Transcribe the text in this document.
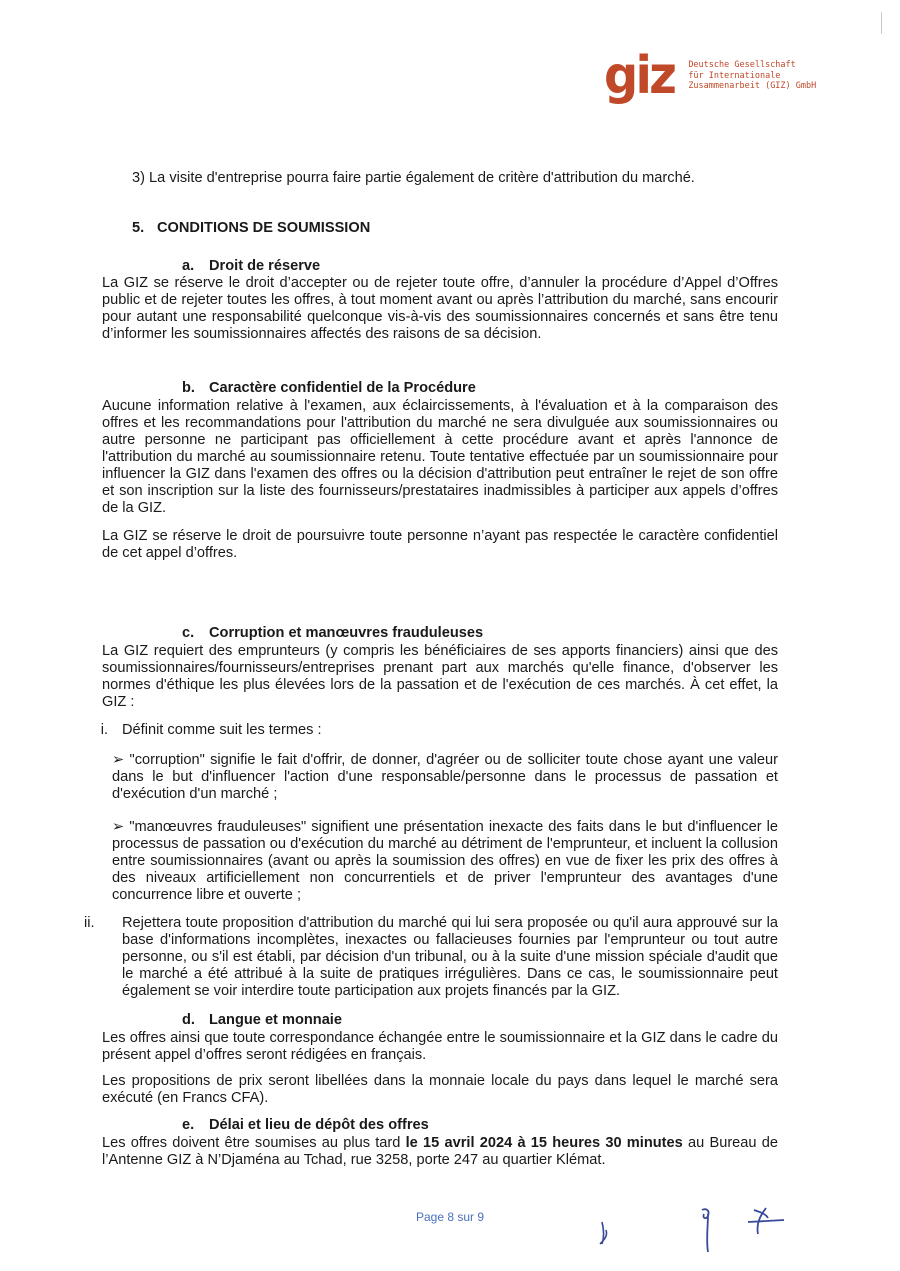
giz Deutsche Gesellschaft
für Internationale
Zusammenarbeit (GIZ) GmbH

3) La visite d'entreprise pourra faire partie également de critère d'attribution du marché.

5. CONDITIONS DE SOUMISSION

a. Droit de réserve

La GIZ se réserve le droit d’accepter ou de rejeter toute offre, d’annuler la procédure d’Appel d’Offres public et de rejeter toutes les offres, à tout moment avant ou après l’attribution du marché, sans encourir pour autant une responsabilité quelconque vis-à-vis des soumissionnaires concernés et sans être tenu d’informer les soumissionnaires affectés des raisons de sa décision.

b. Caractère confidentiel de la Procédure

Aucune information relative à l'examen, aux éclaircissements, à l'évaluation et à la comparaison des offres et les recommandations pour l'attribution du marché ne sera divulguée aux soumissionnaires ou autre personne ne participant pas officiellement à cette procédure avant et après l'annonce de l'attribution du marché au soumissionnaire retenu. Toute tentative effectuée par un soumissionnaire pour influencer la GIZ dans l'examen des offres ou la décision d'attribution peut entraîner le rejet de son offre et son inscription sur la liste des fournisseurs/prestataires inadmissibles à participer aux appels d’offres de la GIZ.

La GIZ se réserve le droit de poursuivre toute personne n’ayant pas respectée le caractère confidentiel de cet appel d’offres.

c. Corruption et manœuvres frauduleuses

La GIZ requiert des emprunteurs (y compris les bénéficiaires de ses apports financiers) ainsi que des soumissionnaires/fournisseurs/entreprises prenant part aux marchés qu'elle finance, d'observer les normes d'éthique les plus élevées lors de la passation et de l'exécution de ces marchés. À cet effet, la GIZ :

i. Définit comme suit les termes :

➢ "corruption" signifie le fait d'offrir, de donner, d'agréer ou de solliciter toute chose ayant une valeur dans le but d'influencer l'action d'une responsable/personne dans le processus de passation et d'exécution d'un marché ;

➢ "manœuvres frauduleuses" signifient une présentation inexacte des faits dans le but d'influencer le processus de passation ou d'exécution du marché au détriment de l'emprunteur, et incluent la collusion entre soumissionnaires (avant ou après la soumission des offres) en vue de fixer les prix des offres à des niveaux artificiellement non concurrentiels et de priver l'emprunteur des avantages d'une concurrence libre et ouverte ;

ii.	Rejettera toute proposition d'attribution du marché qui lui sera proposée ou qu'il aura approuvé sur la base d'informations incomplètes, inexactes ou fallacieuses fournies par l'emprunteur ou tout autre personne, ou s'il est établi, par décision d'un tribunal, ou à la suite d'une mission spéciale d'audit que le marché a été attribué à la suite de pratiques irrégulières. Dans ce cas, le soumissionnaire peut également se voir interdire toute participation aux projets financés par la GIZ.

d. Langue et monnaie

Les offres ainsi que toute correspondance échangée entre le soumissionnaire et la GIZ dans le cadre du présent appel d’offres seront rédigées en français.

Les propositions de prix seront libellées dans la monnaie locale du pays dans lequel le marché sera exécuté (en Francs CFA).

e. Délai et lieu de dépôt des offres

Les offres doivent être soumises au plus tard le 15 avril 2024 à 15 heures 30 minutes au Bureau de l’Antenne GIZ à N’Djaména au Tchad, rue 3258, porte 247 au quartier Klémat.

Page 8 sur 9
